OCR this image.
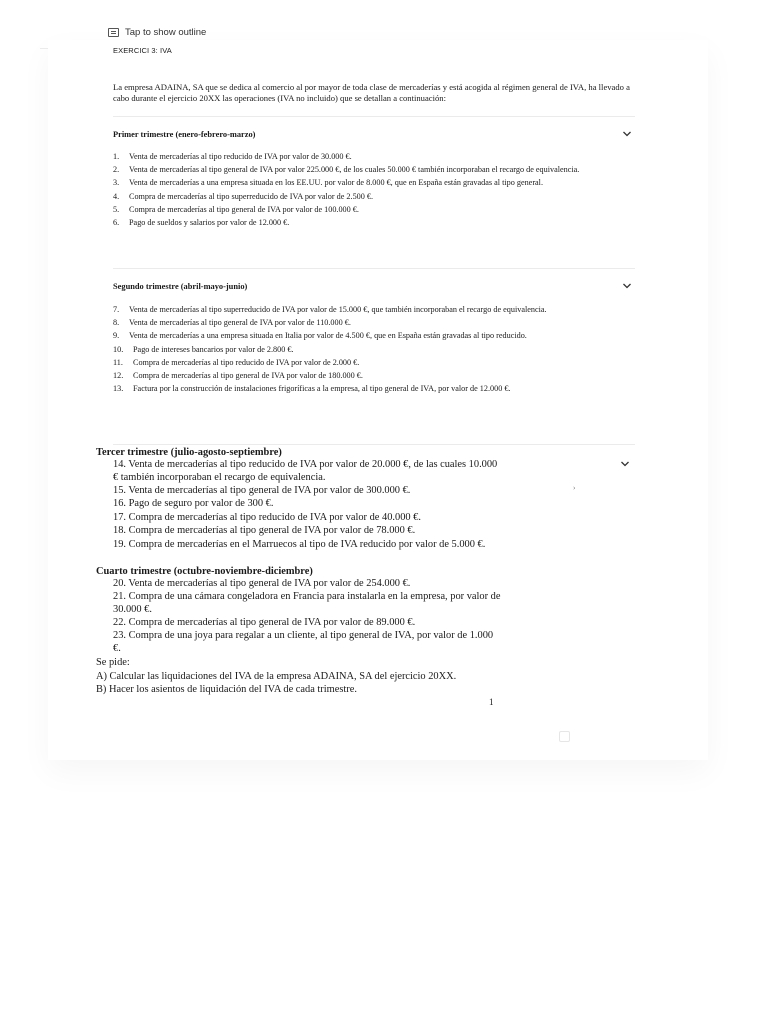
Tap to show outline
EXERCICI 3: IVA
La empresa ADAINA, SA que se dedica al comercio al por mayor de toda clase de mercaderías y está acogida al régimen general de IVA, ha llevado a cabo durante el ejercicio 20XX las operaciones (IVA no incluido) que se detallan a continuación:
Primer trimestre (enero-febrero-marzo)
1. Venta de mercaderías al tipo reducido de IVA por valor de 30.000 €.
2. Venta de mercaderías al tipo general de IVA por valor 225.000 €, de los cuales 50.000 € también incorporaban el recargo de equivalencia.
3. Venta de mercaderías a una empresa situada en los EE.UU. por valor de 8.000 €, que en España están gravadas al tipo general.
4. Compra de mercaderías al tipo superreducido de IVA por valor de 2.500 €.
5. Compra de mercaderías al tipo general de IVA por valor de 100.000 €.
6. Pago de sueldos y salarios por valor de 12.000 €.
Segundo trimestre (abril-mayo-junio)
7. Venta de mercaderías al tipo superreducido de IVA por valor de 15.000 €, que también incorporaban el recargo de equivalencia.
8. Venta de mercaderías al tipo general de IVA por valor de 110.000 €.
9. Venta de mercaderías a una empresa situada en Italia por valor de 4.500 €, que en España están gravadas al tipo reducido.
10. Pago de intereses bancarios por valor de 2.800 €.
11. Compra de mercaderías al tipo reducido de IVA por valor de 2.000 €.
12. Compra de mercaderías al tipo general de IVA por valor de 180.000 €.
13. Factura por la construcción de instalaciones frigoríficas a la empresa, al tipo general de IVA, por valor de 12.000 €.
Tercer trimestre (julio-agosto-septiembre)
›
14. Venta de mercaderías al tipo reducido de IVA por valor de 20.000 €, de las cuales 10.000 € también incorporaban el recargo de equivalencia.
15. Venta de mercaderías al tipo general de IVA por valor de 300.000 €.
16. Pago de seguro por valor de 300 €.
17. Compra de mercaderías al tipo reducido de IVA por valor de 40.000 €.
18. Compra de mercaderías al tipo general de IVA por valor de 78.000 €.
19. Compra de mercaderías en el Marruecos al tipo de IVA reducido por valor de 5.000 €.
Cuarto trimestre (octubre-noviembre-diciembre)
20. Venta de mercaderías al tipo general de IVA por valor de 254.000 €.
21. Compra de una cámara congeladora en Francia para instalarla en la empresa, por valor de 30.000 €.
22. Compra de mercaderías al tipo general de IVA por valor de 89.000 €.
23. Compra de una joya para regalar a un cliente, al tipo general de IVA, por valor de 1.000 €.
Se pide:
A) Calcular las liquidaciones del IVA de la empresa ADAINA, SA del ejercicio 20XX.
B) Hacer los asientos de liquidación del IVA de cada trimestre.
1
